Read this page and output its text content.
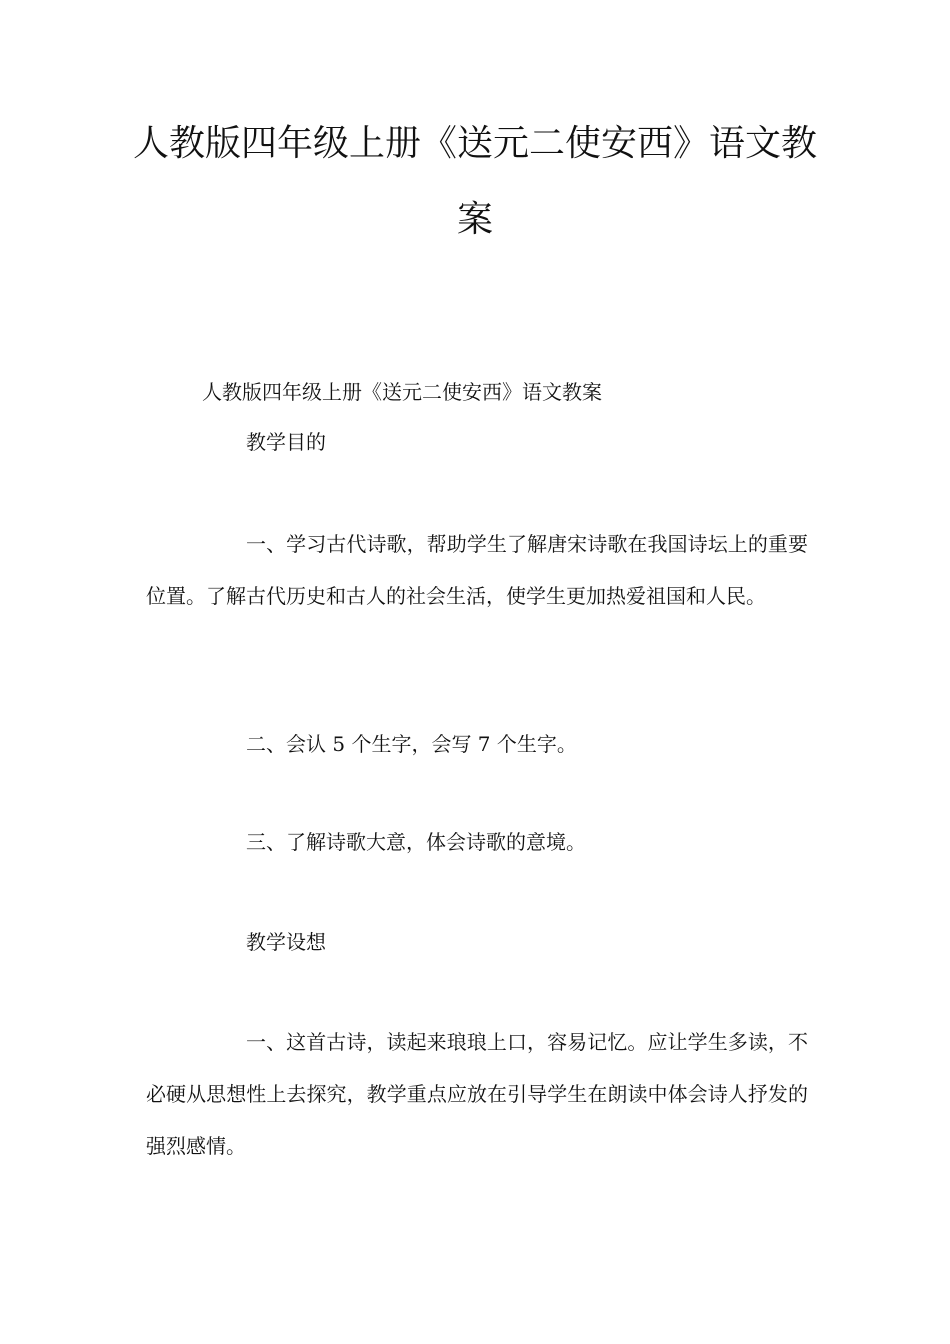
人教版四年级上册《送元二使安西》语文教
案
人教版四年级上册《送元二使安西》语文教案
教学目的
一、学习古代诗歌，帮助学生了解唐宋诗歌在我国诗坛上的重要位置。了解古代历史和古人的社会生活，使学生更加热爱祖国和人民。
二、会认 5 个生字，会写 7 个生字。
三、了解诗歌大意，体会诗歌的意境。
教学设想
一、这首古诗，读起来琅琅上口，容易记忆。应让学生多读，不必硬从思想性上去探究，教学重点应放在引导学生在朗读中体会诗人抒发的强烈感情。
